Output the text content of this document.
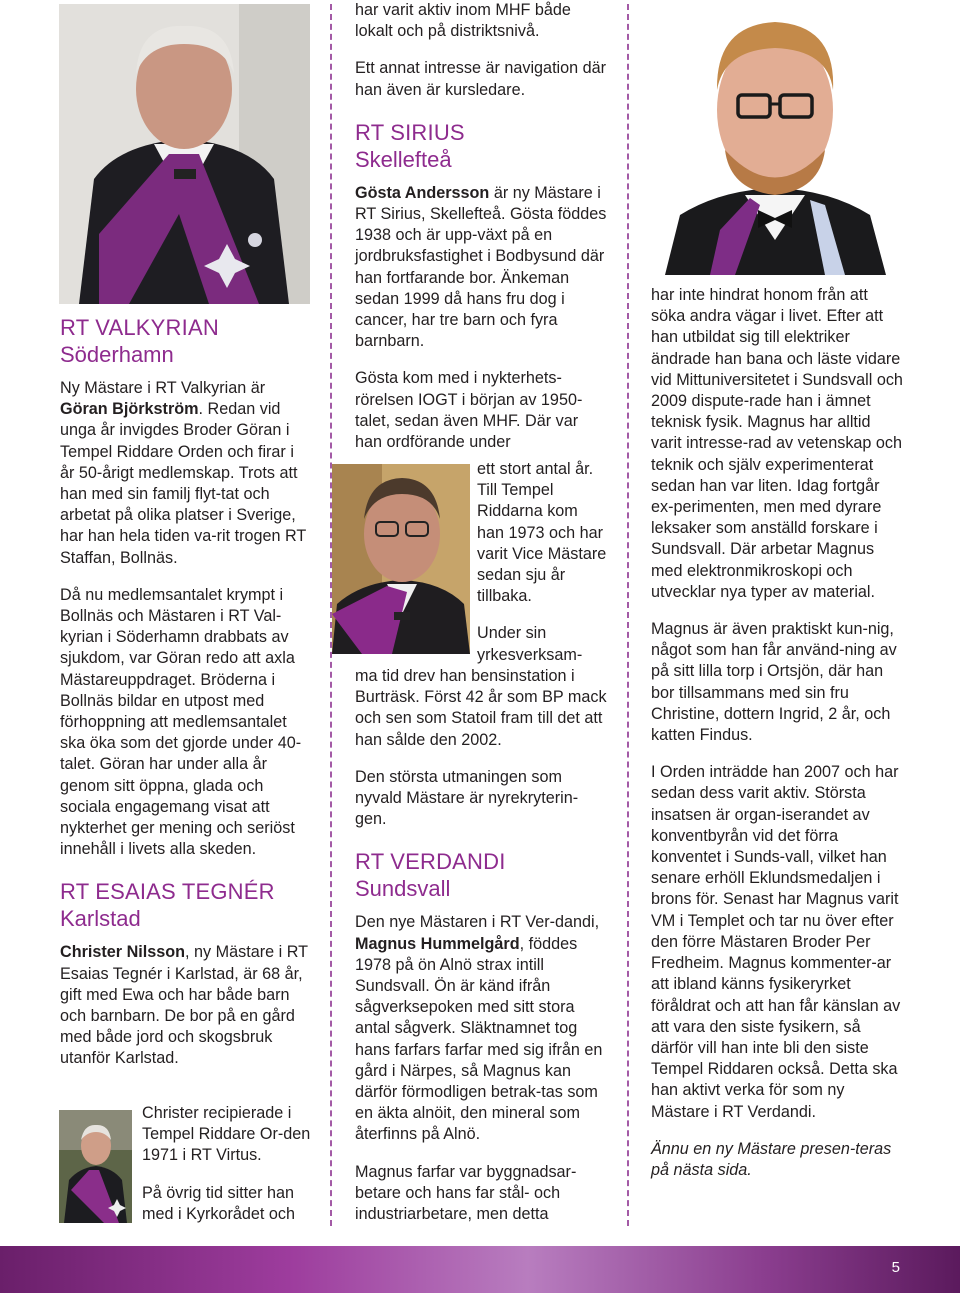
RT VALKYRIAN
Söderhamn

Ny Mästare i RT Valkyrian är Göran Björkström. Redan vid unga år invigdes Broder Göran i Tempel Riddare Orden och firar i år 50-årigt medlemskap. Trots att han med sin familj flyt-tat och arbetat på olika platser i Sverige, har han hela tiden va-rit trogen RT Staffan, Bollnäs.

Då nu medlemsantalet krympt i Bollnäs och Mästaren i RT Val-kyrian i Söderhamn drabbats av sjukdom, var Göran redo att axla Mästareuppdraget. Bröderna i Bollnäs bildar en utpost med förhoppning att medlemsantalet ska öka som det gjorde under 40-talet. Göran har under alla år genom sitt öppna, glada och sociala engagemang visat att nykterhet ger mening och seriöst innehåll i livets alla skeden.

RT ESAIAS TEGNÉR
Karlstad

Christer Nilsson, ny Mästare i RT Esaias Tegnér i Karlstad, är 68 år, gift med Ewa och har både barn och barnbarn. De bor på en gård med både jord och skogsbruk utanför Karlstad.

Christer recipierade i Tempel Riddare Or-den 1971 i RT Virtus.

På övrig tid sitter han med i Kyrkorådet och

har varit aktiv inom MHF både lokalt och på distriktsnivå.

Ett annat intresse är navigation där han även är kursledare.

RT SIRIUS
Skellefteå

Gösta Andersson är ny Mästare i RT Sirius, Skellefteå. Gösta föddes 1938 och är upp-växt på en jordbruksfastighet i Bodbysund där han fortfarande bor. Änkeman sedan 1999 då hans fru dog i cancer, har tre barn och fyra barnbarn.

Gösta kom med i nykterhets-rörelsen IOGT i början av 1950-talet, sedan även MHF. Där var han ordförande under

ett stort antal år. Till Tempel Riddarna kom han 1973 och har varit Vice Mästare sedan sju år tillbaka.

Under sin yrkesverksam-

ma tid drev han bensinstation i Burträsk. Först 42 år som BP mack och sen som Statoil fram till det att han sålde den 2002.

Den största utmaningen som nyvald Mästare är nyrekryterin-gen.

RT VERDANDI
Sundsvall

Den nye Mästaren i RT Ver-dandi, Magnus Hummelgård, föddes 1978 på ön Alnö strax intill Sundsvall. Ön är känd ifrån sågverksepoken med sitt stora antal sågverk. Släktnamnet tog hans farfars farfar med sig ifrån en gård i Närpes, så Magnus kan därför förmodligen betrak-tas som en äkta alnöit, den mineral som återfinns på Alnö.

Magnus farfar var byggnadsar-betare och hans far stål- och industriarbetare, men detta

har inte hindrat honom från att söka andra vägar i livet. Efter att han utbildat sig till elektriker ändrade han bana och läste vidare vid Mittuniversitetet i Sundsvall och 2009 dispute-rade han i ämnet teknisk fysik. Magnus har alltid varit intresse-rad av vetenskap och teknik och själv experimenterat sedan han var liten. Idag fortgår ex-perimenten, men med dyrare leksaker som anställd forskare i Sundsvall. Där arbetar Magnus med elektronmikroskopi och utvecklar nya typer av material.

Magnus är även praktiskt kun-nig, något som han får använd-ning av på sitt lilla torp i Ortsjön, där han bor tillsammans med sin fru Christine, dottern Ingrid, 2 år, och katten Findus.

I Orden inträdde han 2007 och har sedan dess varit aktiv. Största insatsen är organ-iserandet av konventbyrån vid det förra konventet i Sunds-vall, vilket han senare erhöll Eklundsmedaljen i brons för. Senast har Magnus varit VM i Templet och tar nu över efter den förre Mästaren Broder Per Fredheim. Magnus kommenter-ar att ibland känns fysikeryrket föråldrat och att han får känslan av att vara den siste fysikern, så därför vill han inte bli den siste Tempel Riddaren också. Detta ska han aktivt verka för som ny Mästare i RT Verdandi.

Ännu en ny Mästare presen-teras på nästa sida.

5
